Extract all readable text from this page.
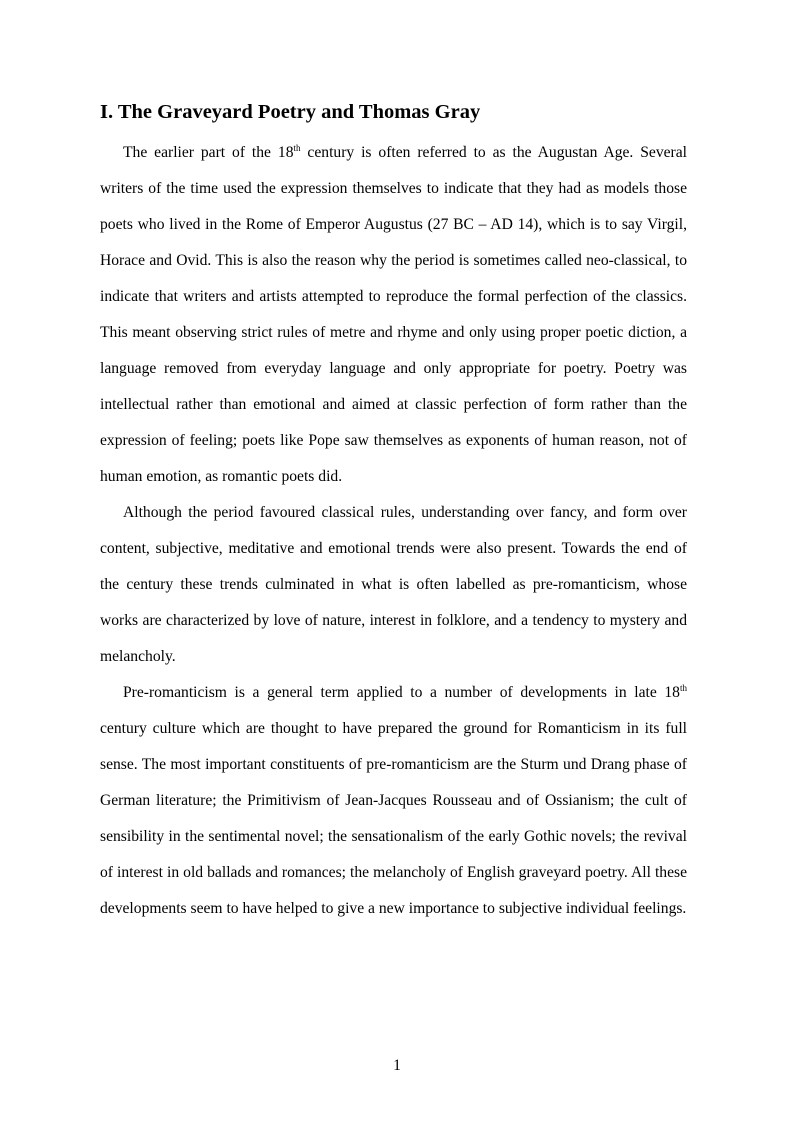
I. The Graveyard Poetry and Thomas Gray

The earlier part of the 18th century is often referred to as the Augustan Age. Several writers of the time used the expression themselves to indicate that they had as models those poets who lived in the Rome of Emperor Augustus (27 BC – AD 14), which is to say Virgil, Horace and Ovid. This is also the reason why the period is sometimes called neo-classical, to indicate that writers and artists attempted to reproduce the formal perfection of the classics. This meant observing strict rules of metre and rhyme and only using proper poetic diction, a language removed from everyday language and only appropriate for poetry. Poetry was intellectual rather than emotional and aimed at classic perfection of form rather than the expression of feeling; poets like Pope saw themselves as exponents of human reason, not of human emotion, as romantic poets did.

Although the period favoured classical rules, understanding over fancy, and form over content, subjective, meditative and emotional trends were also present. Towards the end of the century these trends culminated in what is often labelled as pre-romanticism, whose works are characterized by love of nature, interest in folklore, and a tendency to mystery and melancholy.

Pre-romanticism is a general term applied to a number of developments in late 18th century culture which are thought to have prepared the ground for Romanticism in its full sense. The most important constituents of pre-romanticism are the Sturm und Drang phase of German literature; the Primitivism of Jean-Jacques Rousseau and of Ossianism; the cult of sensibility in the sentimental novel; the sensationalism of the early Gothic novels; the revival of interest in old ballads and romances; the melancholy of English graveyard poetry. All these developments seem to have helped to give a new importance to subjective individual feelings.

1
